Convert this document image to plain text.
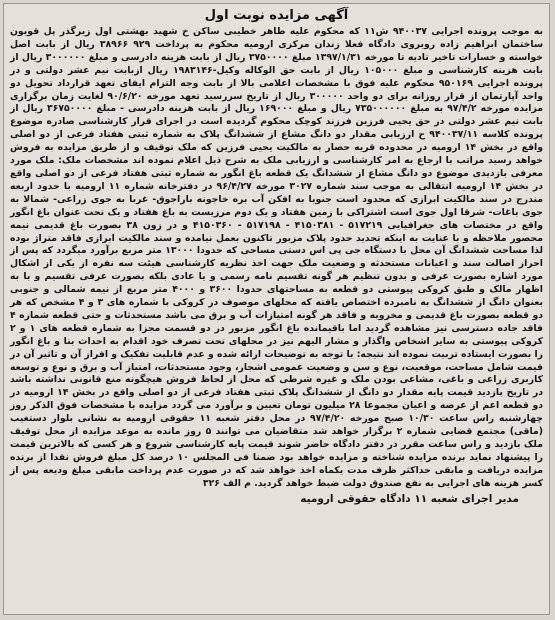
آگهی مزایده نوبت اول
به موجب پرونده اجرایی ۹۴۰۰۳۷ ش۱۱ که محکوم علیه طاهر خطیبی ساکن خ شهید بهشتی اول زیرگذر پل قویون ساختمان ابراهیم زاده روبروی دادگاه فعلا زندان مرکزی ارومیه محکوم به پرداخت ۹۲۹ ۳۸۹۶۶ ریال از بابت اصل خواسته و خسارات تاخیر تادیه تا مورخه ۱۳۹۷/۱/۳۱ مبلغ ۳۷۵۰۰۰۰ ریال از بابت هزینه دادرسی و مبلغ ۳۰۰۰۰۰۰ ریال از بابت هزینه کارشناسی و مبلغ ۱۰۵۰۰۰ ریال از بابت حق الوکاله وکیل-۱۹۸۳۱۴۶ ریال ازبابت نیم عشر دولتی و در پرونده اجرایی ۹۵۰۱۶۹ محکوم علیه فوق با مشخصات اعلامی بالا از بابت وجه التزام ایفای تعهد قرارداد تحویل دو واحد آپارتمان از قرار روزانه برای دو واحد ۳۰۰۰۰۰ ریال از تاریخ سررسید تعهد مورخه ۹۰/۶/۲۰ لغایت زمان برگزاری مزایده مورخه ۹۷/۴/۲ به مبلغ ۷۳۵۰۰۰۰۰۰ ریال و مبلغ ۱۶۹۰۰۰ ریال از بابت هزینه دادرسی - مبلغ ۳۶۷۵۰۰۰۰ ریال از بابت نیم عشر دولتی در حق یحیی فرزین فرزند کوچک محکوم گردیده است در اجرای قرار کارشناسی صادره موضوع پرونده کلاسه ۹۴۰۰۳۷/۱۱ ح ارزیابی مقدار دو دانگ مشاع از ششدانگ پلاک به شماره ثبتی هفتاد فرعی از دو اصلی واقع در بخش ۱۴ ارومیه در محدوده قریه حصار به مالکیت یحیی فرزین که ملک توقیف و از طریق مزایده به فروش خواهد رسید مراتب با ارجاع به امر کارشناسی و ارزیابی ملک به شرح ذیل اعلام نموده اند مشخصات ملک: ملک مورد معرفی بازدیدی موضوع دو دانگ مشاع از ششدانگ یک قطعه باغ انگور به شماره ثبتی هفتاد فرعی از دو اصلی واقع در بخش ۱۴ ارومیه انتقالی به موجب سند شماره ۳۰۲۷ مورخه ۹۶/۴/۲۷ در دفترخانه شماره ۱۱ ارومیه با حدود اربعه مندرج در سند مالکیت ابرازی که محدود است جنوبا به افکن آب بره خاجونه باراجوق- غربا به جوی زراعی- شمالا به جوی باغات- شرقا اول جوی است اشتراکی با زمین هفتاد و یک دوم مرزیست به باغ هفتاد و یک تحت عنوان باغ انگور واقع در مختصات های جغرافیایی ۵۱۷۲۱۹ - ۴۱۵۰۳۸۱ - ۵۱۷۱۹۸ - ۴۱۵۰۳۶۰ و در زون ۳۸ بصورت باغ قدیمی نیمه محصور ملاحظه و با عنایت به اینکه تحدید حدود پلاک مزبور تاکنون بعمل نیامده و سند مالکیت ابرازی فاقد متراژ بوده لذا مساحت ششدانگ آن محل با دستگاه جی پی اس دستی مساحی که حدودا ۱۳۰۰۰ متر مربع برآورد میگردد که پس از احراز اصالت سند و اعیانات مستحدثه و وضعیت ملک جهت اخذ نظریه کارشناسی هیئت سه نفره از یکی از اشکال مورد اشاره بصورت عرفی و بدون تنظیم هر گونه تقسیم نامه رسمی و یا عادی بلکه بصورت عرفی تقسیم و با به اظهار مالک و طبق کروکی پیوستی دو قطعه به مساحتهای حدودا ۳۶۰۰ و ۴۰۰۰ متر مربع از نیمه شمالی و جنوبی بعنوان دانگ از ششدانگ به نامبرده اختصاص یافته که محلهای موصوف در کروکی با شماره های ۳ و ۴ مشخص که هر دو قطعه بصورت باغ قدیمی و مخروبه و فاقد هر گونه امتیازات آب و برق می باشد مستحدثات و حتی قطعه شماره ۴ فاقد جاده دسترسی نیز مشاهده گردید اما باقیمانده باغ انگور مزبور در دو قسمت مجزا به شماره قطعه های ۱ و ۲ کروکی پیوستی به سایر اشخاص واگذار و مشار الیهم نیز در محلهای تحت تصرف خود اقدام به احداث بنا و باغ انگور را بصورت ایستاده تربیت نموده اند نتیجه: با توجه به توضیحات ارائه شده و عدم قابلیت تفکیک و افراز آن و تاثیر آن در قیمت شامل مساحت، موقعیت، نوع و سن و وضعیت عمومی اشجار، وجود مستحدثات، امتیاز آب و برق و نوع و توسعه کاربری زراعی و باغی، مشاعی بودن ملک و غیره شرطی که محل از لحاظ فروش هیچگونه منع قانونی نداشته باشد در تاریخ بازدید قیمت پایه مقدار دو دانگ از ششدانگ پلاک ثبتی هفتاد فرعی از دو اصلی واقع در بخش ۱۴ ارومیه در دو قطعه اعم از عرصه و اعیان مجموعا ۲۸ میلیون تومان تعیین و برآورد می گردد مزایده با مشخصات فوق الذکر روز چهارشنبه راس ساعت ۱۰/۳۰ صبح مورخه ۹۷/۴/۲۰ در محل دفتر شعبه ۱۱ حقوقی ارومیه به نشانی بلوار دستغیب (ماقی) مجتمع قضایی شماره ۲ برگزار خواهد شد متقاضیان می توانند ۵ روز مانده به موعد مزایده از محل توقیف ملک بازدید و راس ساعت مقرر در دفتر دادگاه حاضر شوند قیمت پایه کارشناسی شروع و هر کسی که بالاترین قیمت را پیشنهاد نماید برنده مزایده شناخته و مزایده خواهد بود ضمنا فی المجلس ۱۰ درصد کل مبلغ فروش نقدا از برنده مزایده دریافت و مابقی حداکثر ظرف مدت یکماه اخذ خواهد شد که در صورت عدم پرداخت مابقی مبلغ ودیعه پس از کسر هزینه های اجرایی به نفع صندوق دولت ضبط خواهد گردید. م الف ۳۲۶
مدیر اجرای شعبه ۱۱ دادگاه حقوقی ارومیه
